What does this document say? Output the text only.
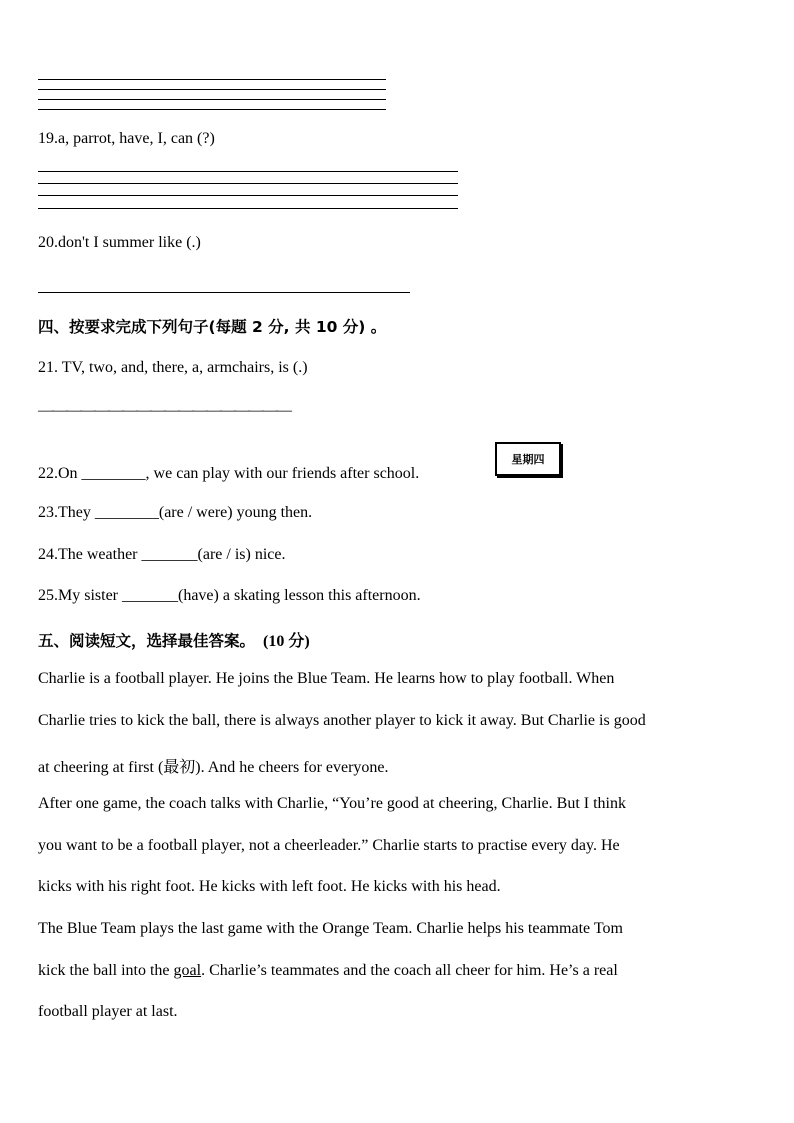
19.a, parrot, have, I, can (?)
20.don't I summer like (.)
四、按要求完成下列句子(每题 2 分, 共 10 分) 。
21. TV, two, and, there, a, armchairs, is (.)
——————————————————
22.On ________, we can play with our friends after school.
星期四
23.They ________(are / were) young then.
24.The weather _______(are / is) nice.
25.My sister _______(have) a skating lesson this afternoon.
五、阅读短文，选择最佳答案。 (10 分)
Charlie is a football player. He joins the Blue Team. He learns how to play football. When
Charlie tries to kick the ball, there is always another player to kick it away. But Charlie is good
at cheering at first (最初). And he cheers for everyone.
After one game, the coach talks with Charlie, “You’re good at cheering, Charlie. But I think
you want to be a football player, not a cheerleader.” Charlie starts to practise every day. He
kicks with his right foot. He kicks with left foot. He kicks with his head.
The Blue Team plays the last game with the Orange Team. Charlie helps his teammate Tom
kick the ball into the goal. Charlie’s teammates and the coach all cheer for him. He’s a real
football player at last.
